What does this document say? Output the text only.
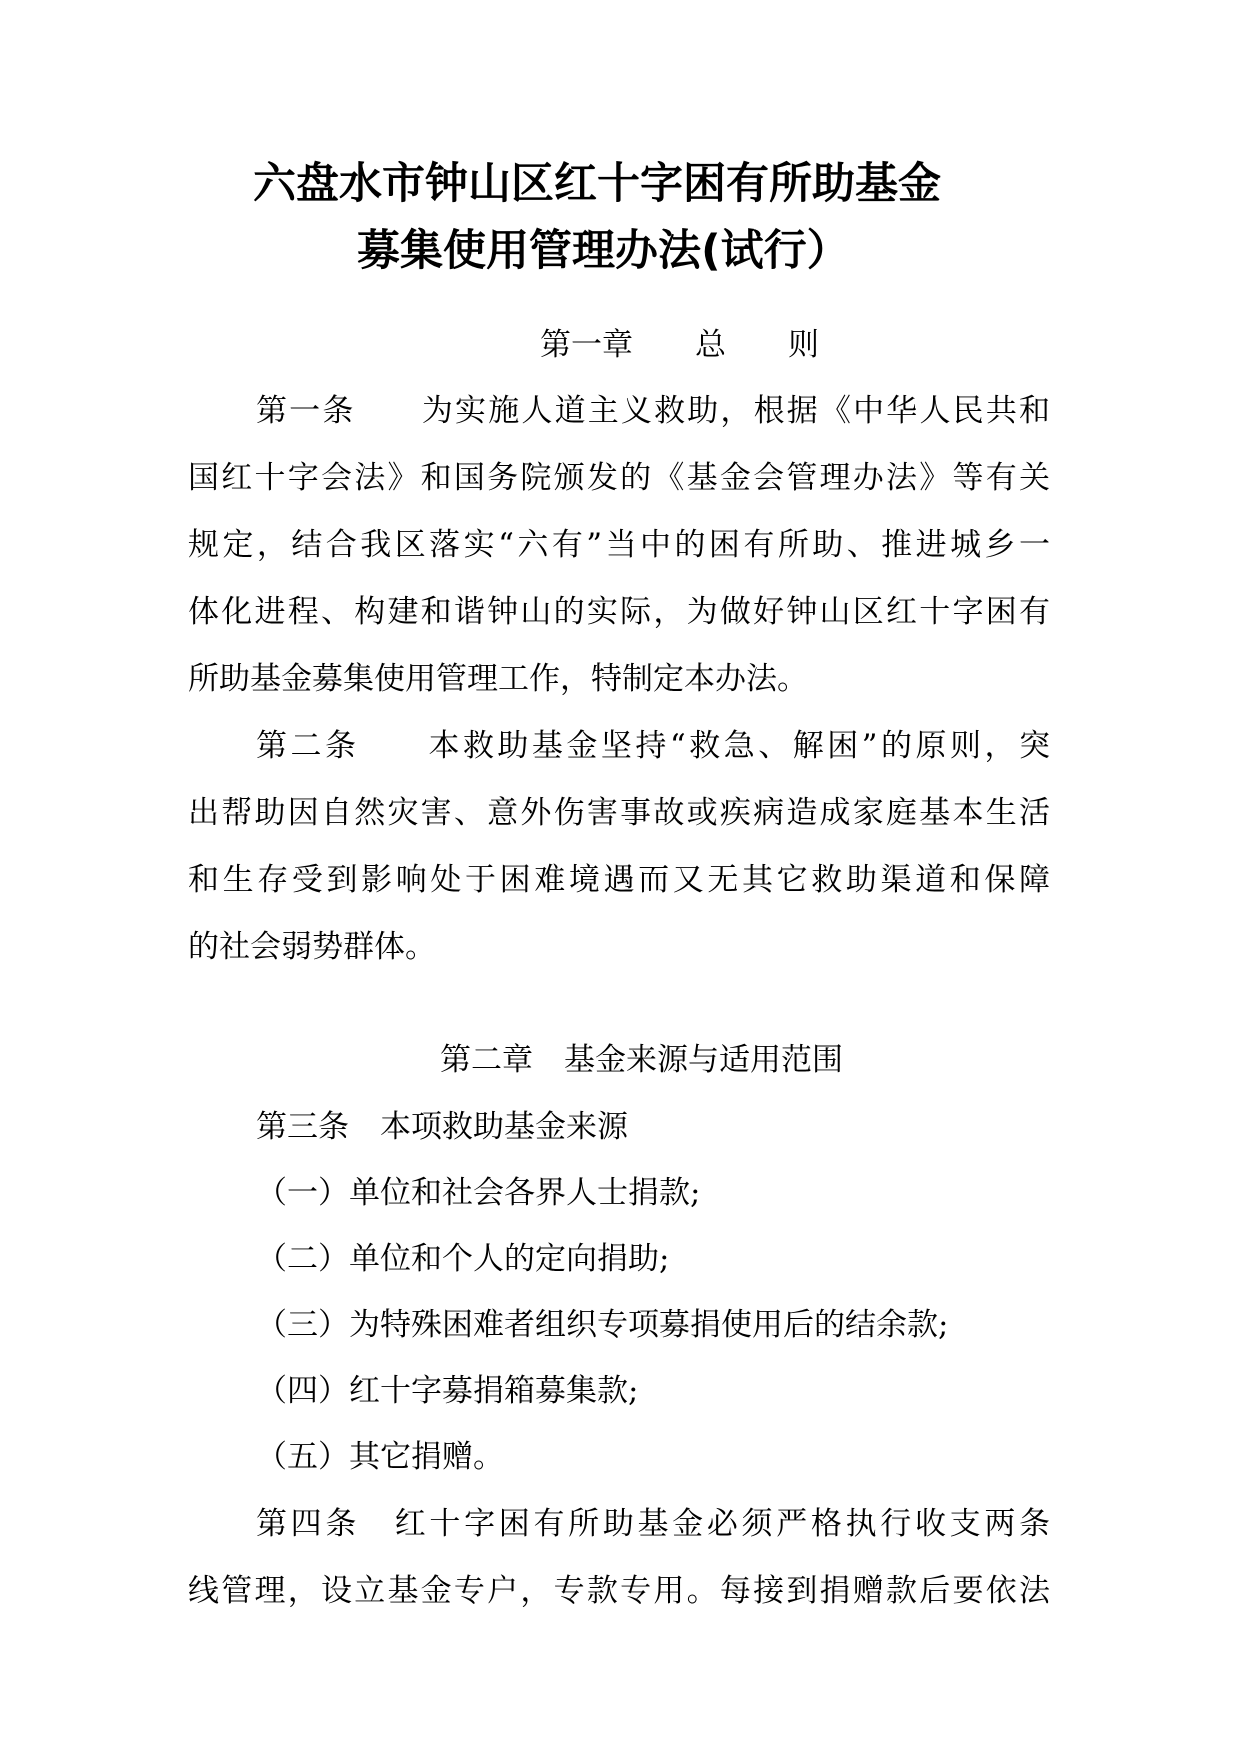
六盘水市钟山区红十字困有所助基金
募集使用管理办法(试行）
第一章　　总　　则
第一条　　为实施人道主义救助，根据《中华人民共和
国红十字会法》和国务院颁发的《基金会管理办法》等有关
规定，结合我区落实“六有”当中的困有所助、推进城乡一
体化进程、构建和谐钟山的实际，为做好钟山区红十字困有
所助基金募集使用管理工作，特制定本办法。
第二条　　本救助基金坚持“救急、解困”的原则，突
出帮助因自然灾害、意外伤害事故或疾病造成家庭基本生活
和生存受到影响处于困难境遇而又无其它救助渠道和保障
的社会弱势群体。
第二章　基金来源与适用范围
第三条　本项救助基金来源
（一）单位和社会各界人士捐款;
（二）单位和个人的定向捐助;
（三）为特殊困难者组织专项募捐使用后的结余款;
（四）红十字募捐箱募集款;
（五）其它捐赠。
第四条　红十字困有所助基金必须严格执行收支两条
线管理，设立基金专户，专款专用。每接到捐赠款后要依法
